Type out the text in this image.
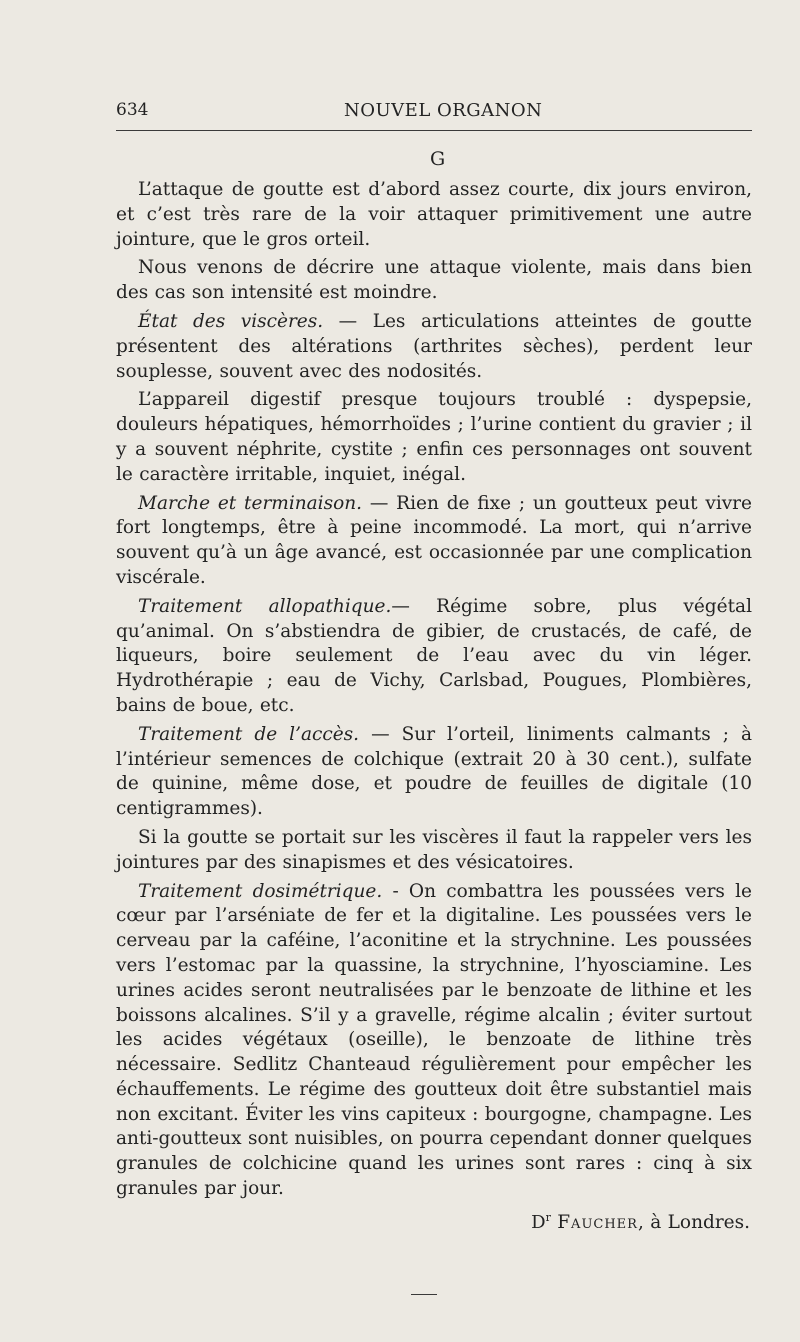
634	NOUVEL ORGANON
G

L’attaque de goutte est d’abord assez courte, dix jours environ, et c’est très rare de la voir attaquer primitivement une autre jointure, que le gros orteil.

Nous venons de décrire une attaque violente, mais dans bien des cas son intensité est moindre.

État des viscères. — Les articulations atteintes de goutte présentent des altérations (arthrites sèches), perdent leur souplesse, souvent avec des nodosités.

L’appareil digestif presque toujours troublé : dyspepsie, douleurs hépatiques, hémorrhoïdes ; l’urine contient du gravier ; il y a souvent néphrite, cystite ; enfin ces personnages ont souvent le caractère irritable, inquiet, inégal.

Marche et terminaison. — Rien de fixe ; un goutteux peut vivre fort longtemps, être à peine incommodé. La mort, qui n’arrive souvent qu’à un âge avancé, est occasionnée par une complication viscérale.

Traitement allopathique.— Régime sobre, plus végétal qu’animal. On s’abstiendra de gibier, de crustacés, de café, de liqueurs, boire seulement de l’eau avec du vin léger. Hydrothérapie ; eau de Vichy, Carlsbad, Pougues, Plombières, bains de boue, etc.

Traitement de l’accès. — Sur l’orteil, liniments calmants ; à l’intérieur semences de colchique (extrait 20 à 30 cent.), sulfate de quinine, même dose, et poudre de feuilles de digitale (10 centigrammes).

Si la goutte se portait sur les viscères il faut la rappeler vers les jointures par des sinapismes et des vésicatoires.

Traitement dosimétrique. - On combattra les poussées vers le cœur par l’arséniate de fer et la digitaline. Les poussées vers le cerveau par la caféine, l’aconitine et la strychnine. Les poussées vers l’estomac par la quassine, la strychnine, l’hyosciamine. Les urines acides seront neutralisées par le benzoate de lithine et les boissons alcalines. S’il y a gravelle, régime alcalin ; éviter surtout les acides végétaux (oseille), le benzoate de lithine très nécessaire. Sedlitz Chanteaud régulièrement pour empêcher les échauffements. Le régime des goutteux doit être substantiel mais non excitant. Éviter les vins capiteux : bourgogne, champagne. Les anti-goutteux sont nuisibles, on pourra cependant donner quelques granules de colchicine quand les urines sont rares : cinq à six granules par jour.

$D^r$ Faucher, à Londres.
